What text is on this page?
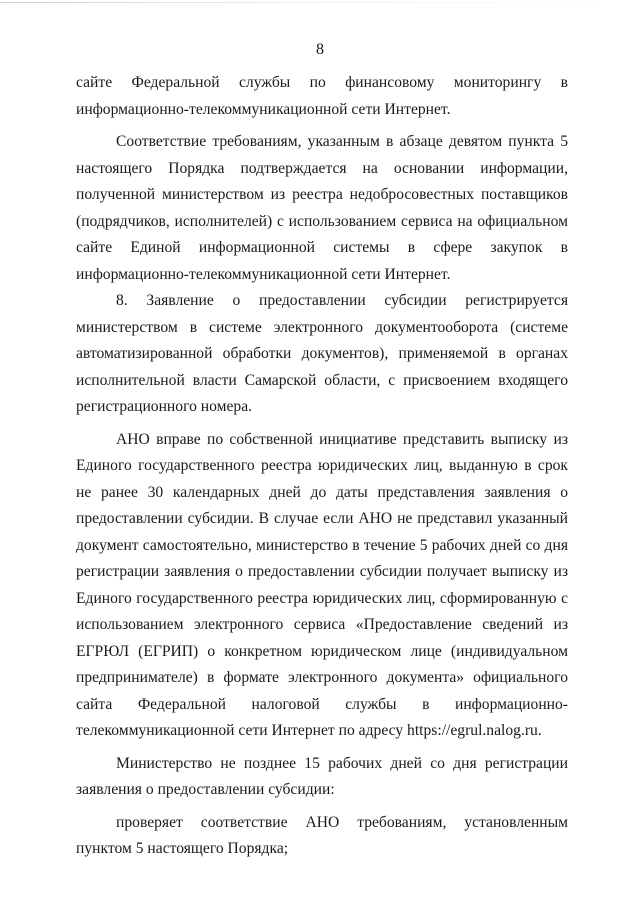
8

сайте Федеральной службы по финансовому мониторингу в информационно-телекоммуникационной сети Интернет.

Соответствие требованиям, указанным в абзаце девятом пункта 5 настоящего Порядка подтверждается на основании информации, полученной министерством из реестра недобросовестных поставщиков (подрядчиков, исполнителей) с использованием сервиса на официальном сайте Единой информационной системы в сфере закупок в информационно-телекоммуникационной сети Интернет.

8. Заявление о предоставлении субсидии регистрируется министерством в системе электронного документооборота (системе автоматизированной обработки документов), применяемой в органах исполнительной власти Самарской области, с присвоением входящего регистрационного номера.

АНО вправе по собственной инициативе представить выписку из Единого государственного реестра юридических лиц, выданную в срок не ранее 30 календарных дней до даты представления заявления о предоставлении субсидии. В случае если АНО не представил указанный документ самостоятельно, министерство в течение 5 рабочих дней со дня регистрации заявления о предоставлении субсидии получает выписку из Единого государственного реестра юридических лиц, сформированную с использованием электронного сервиса «Предоставление сведений из ЕГРЮЛ (ЕГРИП) о конкретном юридическом лице (индивидуальном предпринимателе) в формате электронного документа» официального сайта Федеральной налоговой службы в информационно-телекоммуникационной сети Интернет по адресу https://egrul.nalog.ru.

Министерство не позднее 15 рабочих дней со дня регистрации заявления о предоставлении субсидии:

проверяет соответствие АНО требованиям, установленным пунктом 5 настоящего Порядка;
